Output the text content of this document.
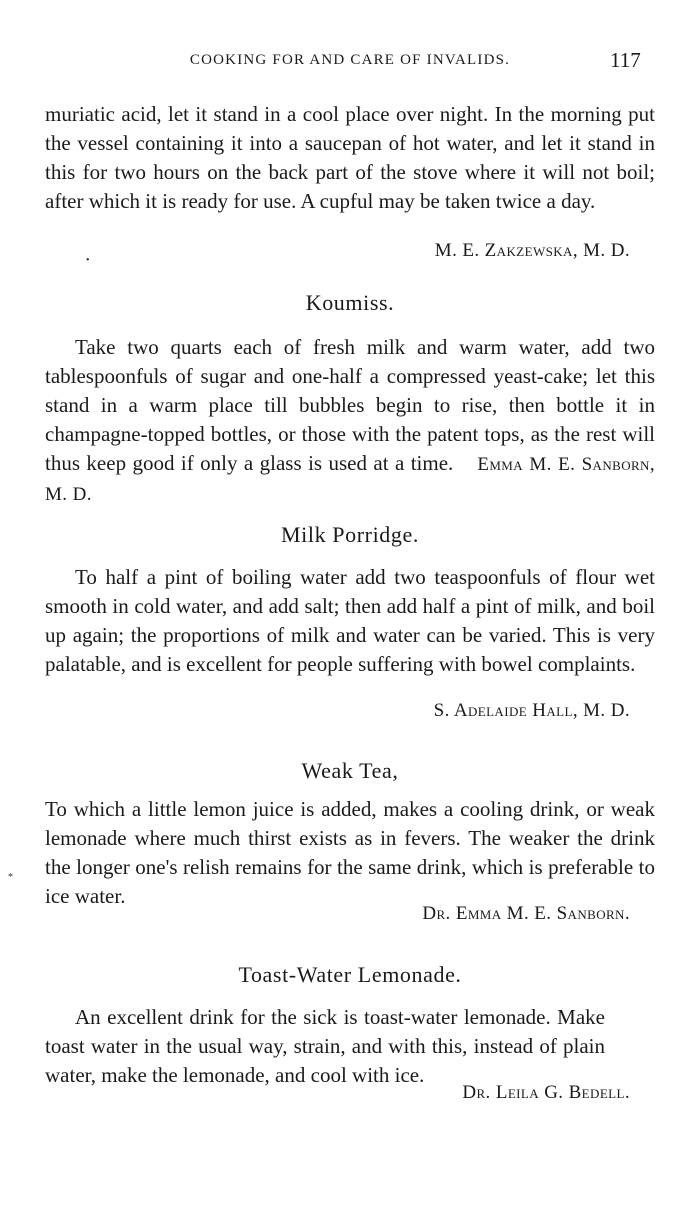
COOKING FOR AND CARE OF INVALIDS.	117
muriatic acid, let it stand in a cool place over night. In the morning put the vessel containing it into a saucepan of hot water, and let it stand in this for two hours on the back part of the stove where it will not boil; after which it is ready for use. A cupful may be taken twice a day.
M. E. Zakzewska, M. D.
Koumiss.
Take two quarts each of fresh milk and warm water, add two tablespoonfuls of sugar and one-half a compressed yeast-cake; let this stand in a warm place till bubbles begin to rise, then bottle it in champagne-topped bottles, or those with the patent tops, as the rest will thus keep good if only a glass is used at a time. Emma M. E. Sanborn, M. D.
Milk Porridge.
To half a pint of boiling water add two teaspoonfuls of flour wet smooth in cold water, and add salt; then add half a pint of milk, and boil up again; the proportions of milk and water can be varied. This is very palatable, and is excellent for people suffering with bowel complaints.
S. Adelaide Hall, M. D.
Weak Tea,
To which a little lemon juice is added, makes a cooling drink, or weak lemonade where much thirst exists as in fevers. The weaker the drink the longer one's relish remains for the same drink, which is preferable to ice water.
Dr. Emma M. E. Sanborn.
Toast-Water Lemonade.
An excellent drink for the sick is toast-water lemonade. Make toast water in the usual way, strain, and with this, instead of plain water, make the lemonade, and cool with ice.
Dr. Leila G. Bedell.
•
*
